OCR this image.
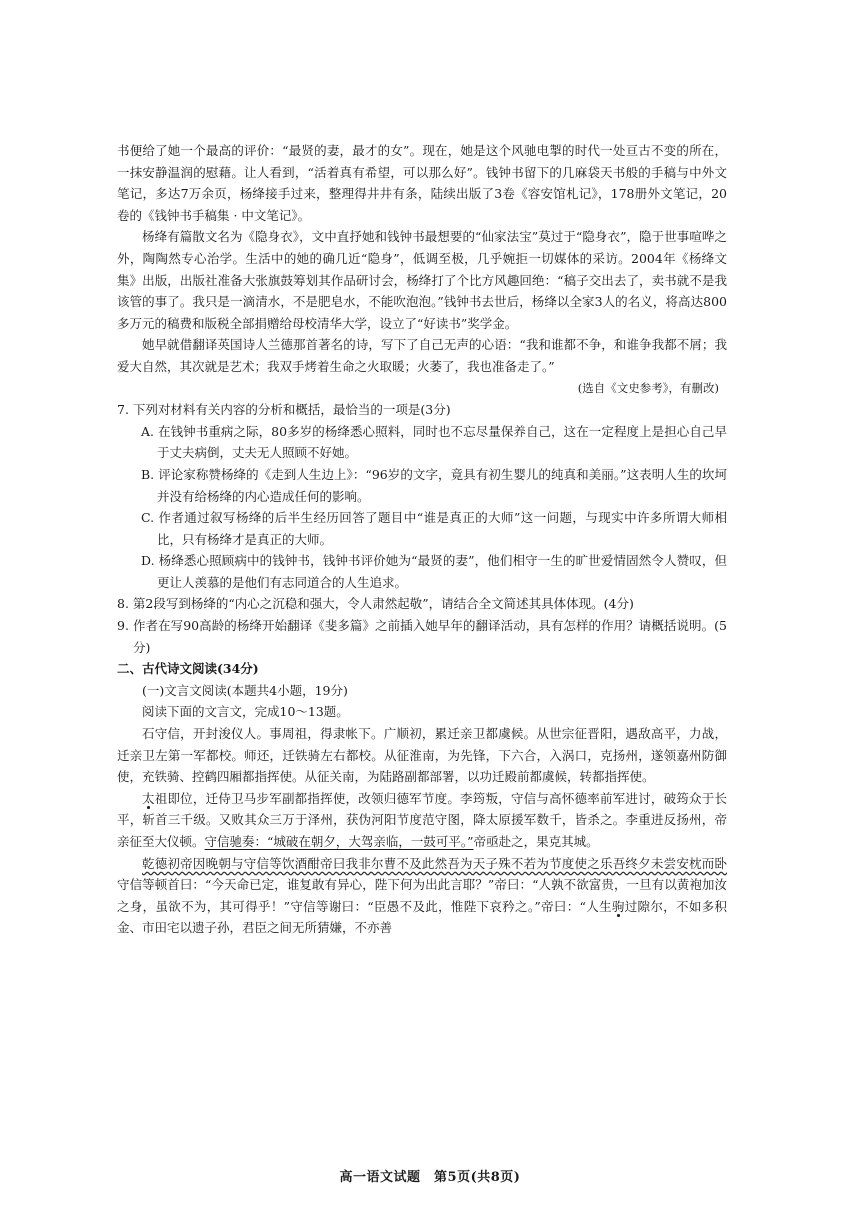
书便给了她一个最高的评价：“最贤的妻，最才的女”。现在，她是这个风驰电掣的时代一处亘古不变的所在，一抹安静温润的慰藉。让人看到，“活着真有希望，可以那么好”。钱钟书留下的几麻袋天书般的手稿与中外文笔记，多达7万余页，杨绛接手过来，整理得井井有条，陆续出版了3卷《容安馆札记》，178册外文笔记，20卷的《钱钟书手稿集 · 中文笔记》。

杨绛有篇散文名为《隐身衣》，文中直抒她和钱钟书最想要的“仙家法宝”莫过于“隐身衣”，隐于世事喧哗之外，陶陶然专心治学。生活中的她的确几近“隐身”，低调至极，几乎婉拒一切媒体的采访。2004年《杨绛文集》出版，出版社准备大张旗鼓筹划其作品研讨会，杨绛打了个比方风趣回绝：“稿子交出去了，卖书就不是我该管的事了。我只是一滴清水，不是肥皂水，不能吹泡泡。”钱钟书去世后，杨绛以全家3人的名义，将高达800多万元的稿费和版税全部捐赠给母校清华大学，设立了“好读书”奖学金。

她早就借翻译英国诗人兰德那首著名的诗，写下了自己无声的心语：“我和谁都不争，和谁争我都不屑；我爱大自然，其次就是艺术；我双手烤着生命之火取暖；火萎了，我也准备走了。”

(选自《文史参考》，有删改)

7. 下列对材料有关内容的分析和概括，最恰当的一项是(3分)

A. 在钱钟书重病之际，80多岁的杨绛悉心照料，同时也不忘尽量保养自己，这在一定程度上是担心自己早于丈夫病倒，丈夫无人照顾不好她。

B. 评论家称赞杨绛的《走到人生边上》：“96岁的文字，竟具有初生婴儿的纯真和美丽。”这表明人生的坎坷并没有给杨绛的内心造成任何的影响。

C. 作者通过叙写杨绛的后半生经历回答了题目中“谁是真正的大师”这一问题，与现实中许多所谓大师相比，只有杨绛才是真正的大师。

D. 杨绛悉心照顾病中的钱钟书，钱钟书评价她为“最贤的妻”，他们相守一生的旷世爱情固然令人赞叹，但更让人羡慕的是他们有志同道合的人生追求。

8. 第2段写到杨绛的“内心之沉稳和强大，令人肃然起敬”，请结合全文简述其具体体现。(4分)

9. 作者在写90高龄的杨绛开始翻译《斐多篇》之前插入她早年的翻译活动，具有怎样的作用？请概括说明。(5分)

二、古代诗文阅读(34分)

(一)文言文阅读(本题共4小题，19分)

阅读下面的文言文，完成10～13题。

石守信，开封浚仪人。事周祖，得隶帐下。广顺初，累迁亲卫都虞候。从世宗征晋阳，遇敌高平，力战，迁亲卫左第一军都校。师还，迁铁骑左右都校。从征淮南，为先锋，下六合，入涡口，克扬州，遂领嘉州防御使，充铁骑、控鹤四厢都指挥使。从征关南，为陆路副都部署，以功迁殿前都虞候，转都指挥使。

太祖即位，迁侍卫马步军副都指挥使，改领归德军节度。李筠叛，守信与高怀德率前军进讨，破筠众于长平，斩首三千级。又败其众三万于泽州，获伪河阳节度范守图，降太原援军数千，皆杀之。李重进反扬州，帝亲征至大仪顿。守信驰奏：“城破在朝夕，大驾亲临，一鼓可平。”帝亟赴之，果克其城。

乾德初帝因晚朝与守信等饮酒酣帝曰我非尔曹不及此然吾为天子殊不若为节度使之乐吾终夕未尝安枕而卧守信等顿首曰：“今天命已定，谁复敢有异心，陛下何为出此言耶？”帝曰：“人孰不欲富贵，一旦有以黄袍加汝之身，虽欲不为，其可得乎！”守信等谢曰：“臣愚不及此，惟陛下哀矜之。”帝曰：“人生驹过隙尔，不如多积金、市田宅以遗子孙，君臣之间无所猜嫌，不亦善

高一语文试题　第5页(共8页)
